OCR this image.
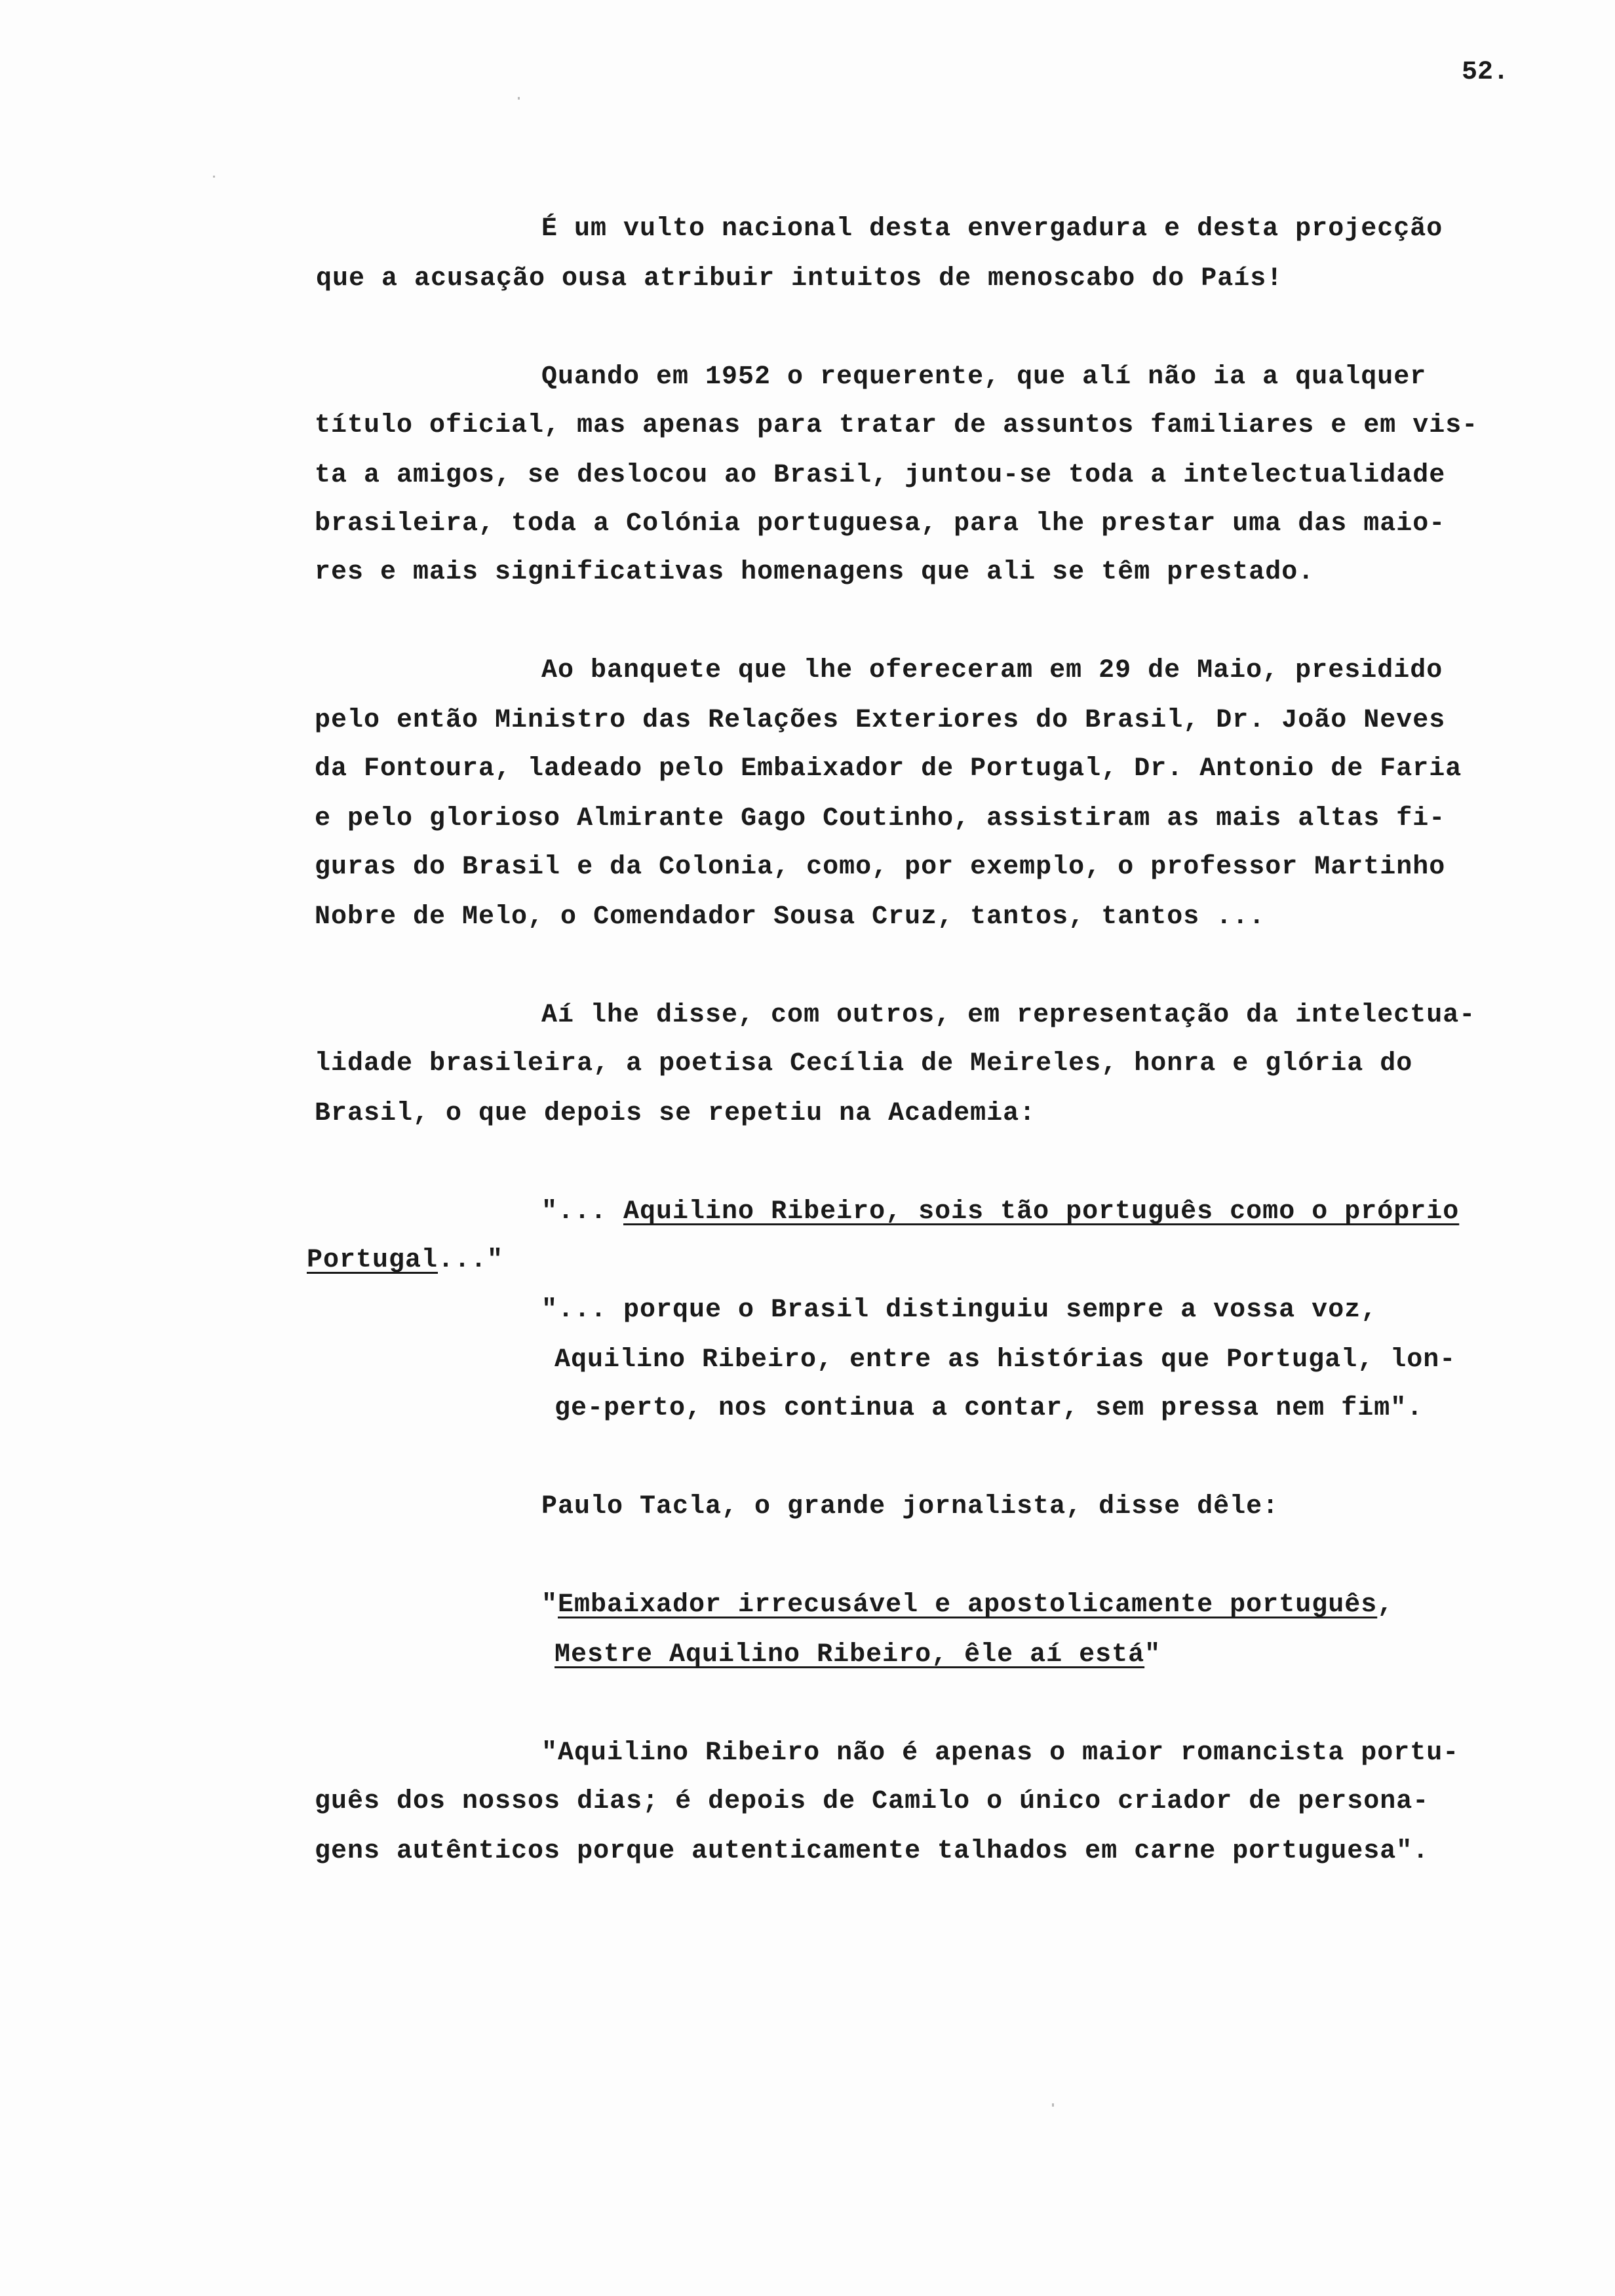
52.
É um vulto nacional desta envergadura e desta projecção
que a acusação ousa atribuir intuitos de menoscabo do País!
Quando em 1952 o requerente, que alí não ia a qualquer
título oficial, mas apenas para tratar de assuntos familiares e em vis-
ta a amigos, se deslocou ao Brasil, juntou-se toda a intelectualidade
brasileira, toda a Colónia portuguesa, para lhe prestar uma das maio-
res e mais significativas homenagens que ali se têm prestado.
Ao banquete que lhe ofereceram em 29 de Maio, presidido
pelo então Ministro das Relações Exteriores do Brasil, Dr. João Neves
da Fontoura, ladeado pelo Embaixador de Portugal, Dr. Antonio de Faria
e pelo glorioso Almirante Gago Coutinho, assistiram as mais altas fi-
guras do Brasil e da Colonia, como, por exemplo, o professor Martinho
Nobre de Melo, o Comendador Sousa Cruz, tantos, tantos ...
Aí lhe disse, com outros, em representação da intelectua-
lidade brasileira, a poetisa Cecília de Meireles, honra e glória do
Brasil, o que depois se repetiu na Academia:
"... Aquilino Ribeiro, sois tão português como o próprio
Portugal..."
"... porque o Brasil distinguiu sempre a vossa voz,
Aquilino Ribeiro, entre as histórias que Portugal, lon-
ge-perto, nos continua a contar, sem pressa nem fim".
Paulo Tacla, o grande jornalista, disse dêle:
"Embaixador irrecusável e apostolicamente português,
Mestre Aquilino Ribeiro, êle aí está"
"Aquilino Ribeiro não é apenas o maior romancista portu-
guês dos nossos dias; é depois de Camilo o único criador de persona-
gens autênticos porque autenticamente talhados em carne portuguesa".
